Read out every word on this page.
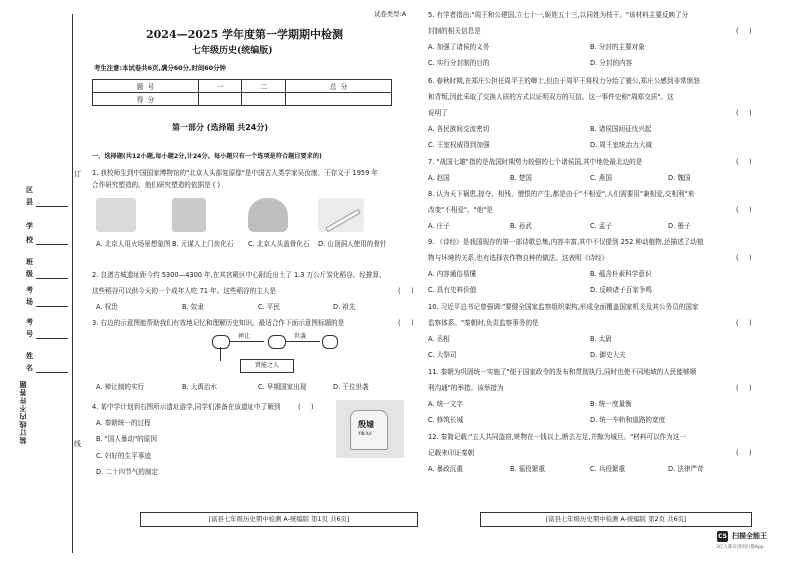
订
线
区
县
学
校
班
级
考
场
考
号
姓
名
装订线内不许答题
试卷类型:A
2024—2025 学年度第一学期期中检测
七年级历史(统编版)
考生注意:本试卷共6页,满分60分,时间60分钟
题 号	一	二	总 分
得 分			
第一部分 (选择题 共24分)
一、选择题(共12小题,每小题2分,计24分。每小题只有一个选项是符合题目要求的)
1. 我校师生到中国国家博物馆的"北京人头部复原像"是中国古人类学家吴汝康、王存义于 1959 年
合作研究塑造的。他们研究塑造的依据是 ( )
A. 北京人用火场景想象图 B. 元谋人上门齿化石 C. 北京人头盖骨化石 D. 山顶洞人使用的骨针
2. 良渚古城遗址距今约 5300—4300 年,在其宫殿区中心附近出土了 1.3 万公斤炭化稻谷。经推算,
这些稻谷可以供今天的一个成年人吃 71 年。这些稻谷的主人是	(     )
A. 权贵	B. 奴隶	C. 平民	D. 祖先
3. 右边的示意图能帮助我们有效地记忆和理解历史知识。最适合作下面示意图标题的是	(     )
禅让	世袭
贤能之人
A. 禅让制的实行	B. 大禹治水	C. 早期国家出现	D. 王位世袭
4. 某中学计划到右图所示遗址游学,同学们准备在该遗址中了解到	(     )
A. 秦朝统一的过程
B. "国人暴动"的原因
C. 妇好的生平事迹
D. 二十四节气的制定
殷墟
YIN XU
[富县七年级历史期中检测 A-统编版 第1页 共6页]
5. 有学者指出:"周王和公建国,立七十一,姬姓五十三,以同姓为枝干。"该材料主要反映了分
封制的相关信息是	(     )
A. 加强了诸侯的义务	B. 分封的主要对象
C. 实行分封制的目的	D. 分封的内容
6. 春秋时期,在郑庄公担任周平王的卿士,但由于周平王将权力分给了虢公,郑庄公感到非常愤怒
和背叛,因此采取了交换人质的方式以证明双方的互信。这一事件史称"周郑交质"。这
说明了	(     )
A. 各民族间交流密切	B. 诸侯国间征伐兴起
C. 王室权威得到加强	D. 周王室统治力大减
7. "战国七雄"指的是战国时期势力较强的七个诸侯国,其中地处最北边的是	(     )
A. 赵国	B. 楚国	C. 燕国	D. 魏国
8. 认为天下祸患,掠夺、相残、憎恨的产生,都是由于"不相爱",人们需要用"兼相爱,交相利"来
改变"不相爱"。"他"是	(     )
A. 庄子	B. 孙武	C. 孟子	D. 墨子
9. 《诗经》是我国现存的第一部诗歌总集,内容丰富,其中不仅提到 252 种动植物,还描述了动植
物与环境的关系,也有选择农作物良种的做法。这表明《诗经》	(     )
A. 内容通俗易懂	B. 蕴含朴素科学意识
C. 具有史料价值	D. 反映诸子百家争鸣
10. 习近平总书记曾强调:"要健全国家监察组织架构,形成全面覆盖国家机关及其公务员的国家
监察体系。"秦朝时,负责监察事务的是	(     )
A. 丞相	B. 太尉
C. 大祭司	D. 御史大夫
11. 秦朝为巩固统一实施了"便于国家政令的发布和贯彻执行,同时也使不同地域的人民能够顺
利沟通"的举措。该举措为	(     )
A. 统一文字	B. 统一度量衡
C. 修筑长城	D. 统一车轨和道路的宽度
12. 秦简记载:"五人共同盗窃,赃物在一钱以上,断去左足,并黥为城旦。"材料可以作为这一
记载来印证秦朝	(     )
A. 暴政沉重	B. 徭役繁重	C. 兵役繁重	D. 法律严苛
[富县七年级历史期中检测 A-统编版 第2页 共6页]
CS 扫描全能王
3亿人都在用的扫描App
